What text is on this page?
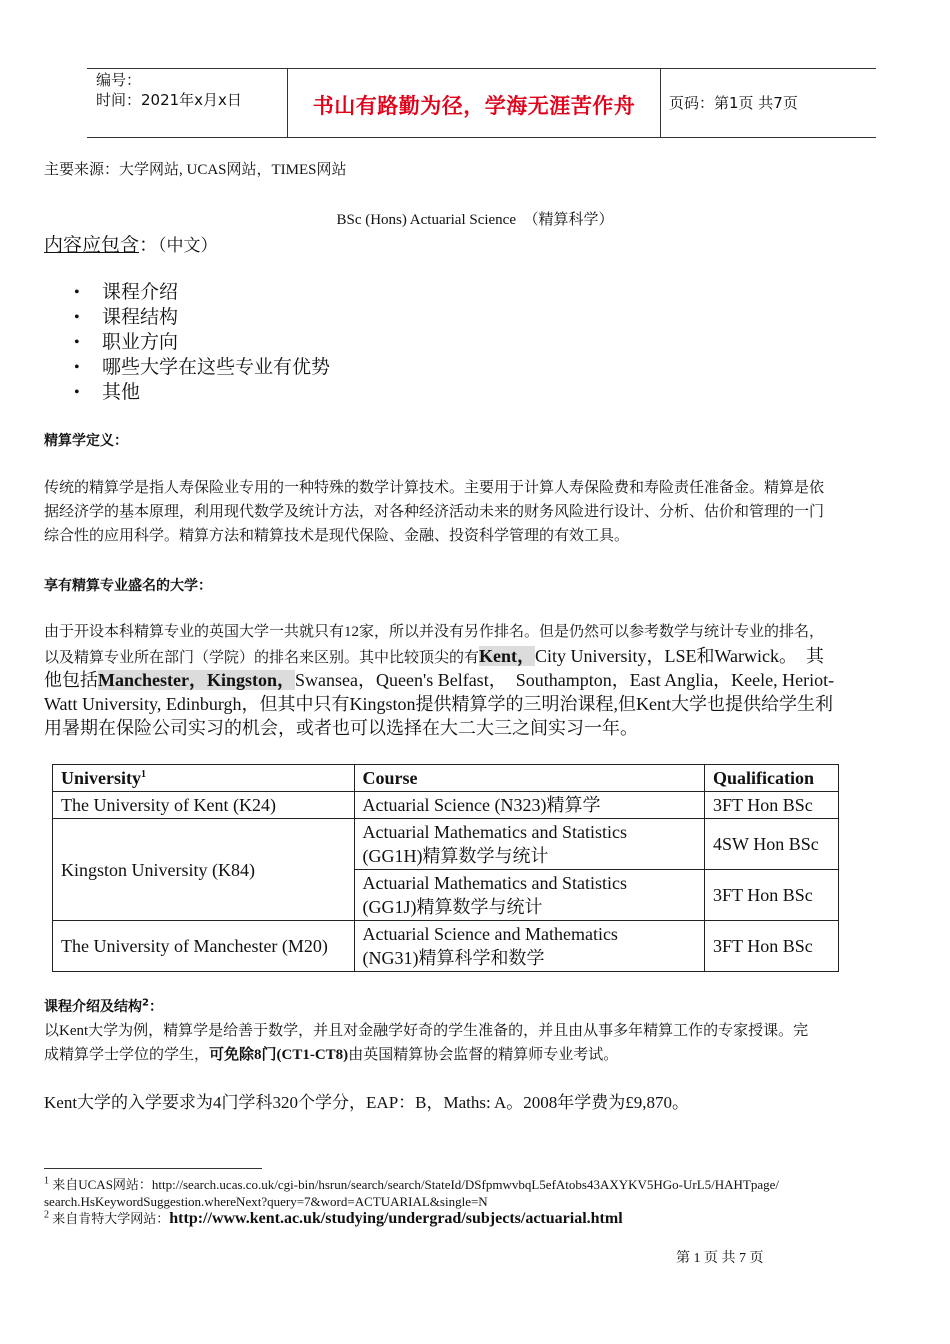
编号：
时间：2021年x月x日	书山有路勤为径，学海无涯苦作舟	页码：第1页 共7页
主要来源：大学网站, UCAS网站，TIMES网站
BSc (Hons) Actuarial Science  （精算科学）
内容应包含：（中文）
• 课程介绍
• 课程结构
• 职业方向
• 哪些大学在这些专业有优势
• 其他
精算学定义：
传统的精算学是指人寿保险业专用的一种特殊的数学计算技术。主要用于计算人寿保险费和寿险责任准备金。精算是依
据经济学的基本原理，利用现代数学及统计方法，对各种经济活动未来的财务风险进行设计、分析、估价和管理的一门
综合性的应用科学。精算方法和精算技术是现代保险、金融、投资科学管理的有效工具。
享有精算专业盛名的大学：
由于开设本科精算专业的英国大学一共就只有12家，所以并没有另作排名。但是仍然可以参考数学与统计专业的排名，
以及精算专业所在部门（学院）的排名来区别。其中比较顶尖的有Kent，City University，LSE和Warwick。  其
他包括Manchester，Kingston，Swansea，Queen's Belfast，  Southampton，East Anglia，Keele, Heriot-
Watt University, Edinburgh，但其中只有Kingston提供精算学的三明治课程,但Kent大学也提供给学生利
用暑期在保险公司实习的机会，或者也可以选择在大二大三之间实习一年。
University$^1$	Course	Qualification
The University of Kent (K24)	Actuarial Science (N323)精算学	3FT Hon BSc
Kingston University (K84)	Actuarial Mathematics and Statistics
(GG1H)精算数学与统计	4SW Hon BSc

	Actuarial Mathematics and Statistics
(GG1J)精算数学与统计	3FT Hon BSc
The University of Manchester (M20)	Actuarial Science and Mathematics
(NG31)精算科学和数学	3FT Hon BSc
课程介绍及结构$^2$：
以Kent大学为例，精算学是给善于数学，并且对金融学好奇的学生准备的，并且由从事多年精算工作的专家授课。完
成精算学士学位的学生，可免除8门(CT1-CT8)由英国精算协会监督的精算师专业考试。
Kent大学的入学要求为4门学科320个学分，EAP：B，Maths: A。2008年学费为£9,870。
$^1$ 来自UCAS网站：http://search.ucas.co.uk/cgi-bin/hsrun/search/search/StateId/DSfpmwvbqL5efAtobs43AXYKV5HGo-UrL5/HAHTpage/
search.HsKeywordSuggestion.whereNext?query=7&word=ACTUARIAL&single=N
$^2$ 来自肯特大学网站：http://www.kent.ac.uk/studying/undergrad/subjects/actuarial.html
第 1 页 共 7 页
